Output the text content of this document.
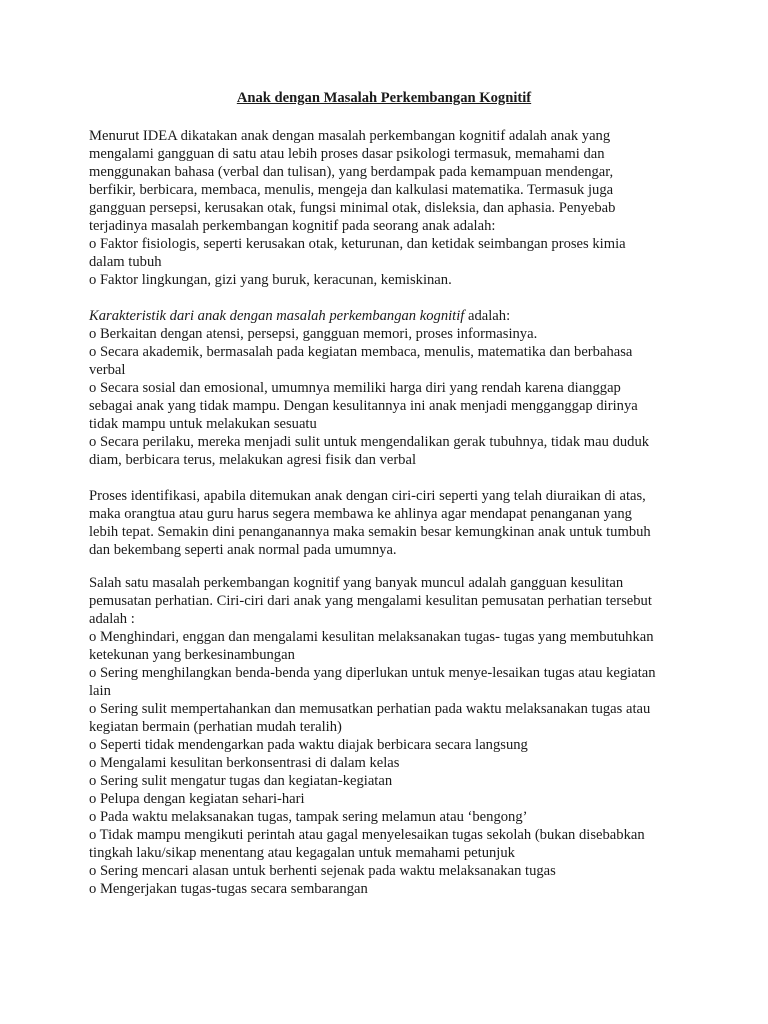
Anak dengan Masalah Perkembangan Kognitif
Menurut IDEA dikatakan anak dengan masalah perkembangan kognitif adalah anak yang
mengalami gangguan di satu atau lebih proses dasar psikologi termasuk, memahami dan
menggunakan bahasa (verbal dan tulisan), yang berdampak pada kemampuan mendengar,
berfikir, berbicara, membaca, menulis, mengeja dan kalkulasi matematika. Termasuk juga
gangguan persepsi, kerusakan otak, fungsi minimal otak, disleksia, dan aphasia. Penyebab
terjadinya masalah perkembangan kognitif pada seorang anak adalah:
o Faktor fisiologis, seperti kerusakan otak, keturunan, dan ketidak seimbangan proses kimia
dalam tubuh
o Faktor lingkungan, gizi yang buruk, keracunan, kemiskinan.
Karakteristik dari anak dengan masalah perkembangan kognitif adalah:
o Berkaitan dengan atensi, persepsi, gangguan memori, proses informasinya.
o Secara akademik, bermasalah pada kegiatan membaca, menulis, matematika dan berbahasa
verbal
o Secara sosial dan emosional, umumnya memiliki harga diri yang rendah karena dianggap
sebagai anak yang tidak mampu. Dengan kesulitannya ini anak menjadi mengganggap dirinya
tidak mampu untuk melakukan sesuatu
o Secara perilaku, mereka menjadi sulit untuk mengendalikan gerak tubuhnya, tidak mau duduk
diam, berbicara terus, melakukan agresi fisik dan verbal
Proses identifikasi, apabila ditemukan anak dengan ciri-ciri seperti yang telah diuraikan di atas,
maka orangtua atau guru harus segera membawa ke ahlinya agar mendapat penanganan yang
lebih tepat. Semakin dini penanganannya maka semakin besar kemungkinan anak untuk tumbuh
dan bekembang seperti anak normal pada umumnya.
Salah satu masalah perkembangan kognitif yang banyak muncul adalah gangguan kesulitan
pemusatan perhatian. Ciri-ciri dari anak yang mengalami kesulitan pemusatan perhatian tersebut
adalah :
o Menghindari, enggan dan mengalami kesulitan melaksanakan tugas- tugas yang membutuhkan
ketekunan yang berkesinambungan
o Sering menghilangkan benda-benda yang diperlukan untuk menye-lesaikan tugas atau kegiatan
lain
o Sering sulit mempertahankan dan memusatkan perhatian pada waktu melaksanakan tugas atau
kegiatan bermain (perhatian mudah teralih)
o Seperti tidak mendengarkan pada waktu diajak berbicara secara langsung
o Mengalami kesulitan berkonsentrasi di dalam kelas
o Sering sulit mengatur tugas dan kegiatan-kegiatan
o Pelupa dengan kegiatan sehari-hari
o Pada waktu melaksanakan tugas, tampak sering melamun atau ‘bengong’
o Tidak mampu mengikuti perintah atau gagal menyelesaikan tugas sekolah (bukan disebabkan
tingkah laku/sikap menentang atau kegagalan untuk memahami petunjuk
o Sering mencari alasan untuk berhenti sejenak pada waktu melaksanakan tugas
o Mengerjakan tugas-tugas secara sembarangan
